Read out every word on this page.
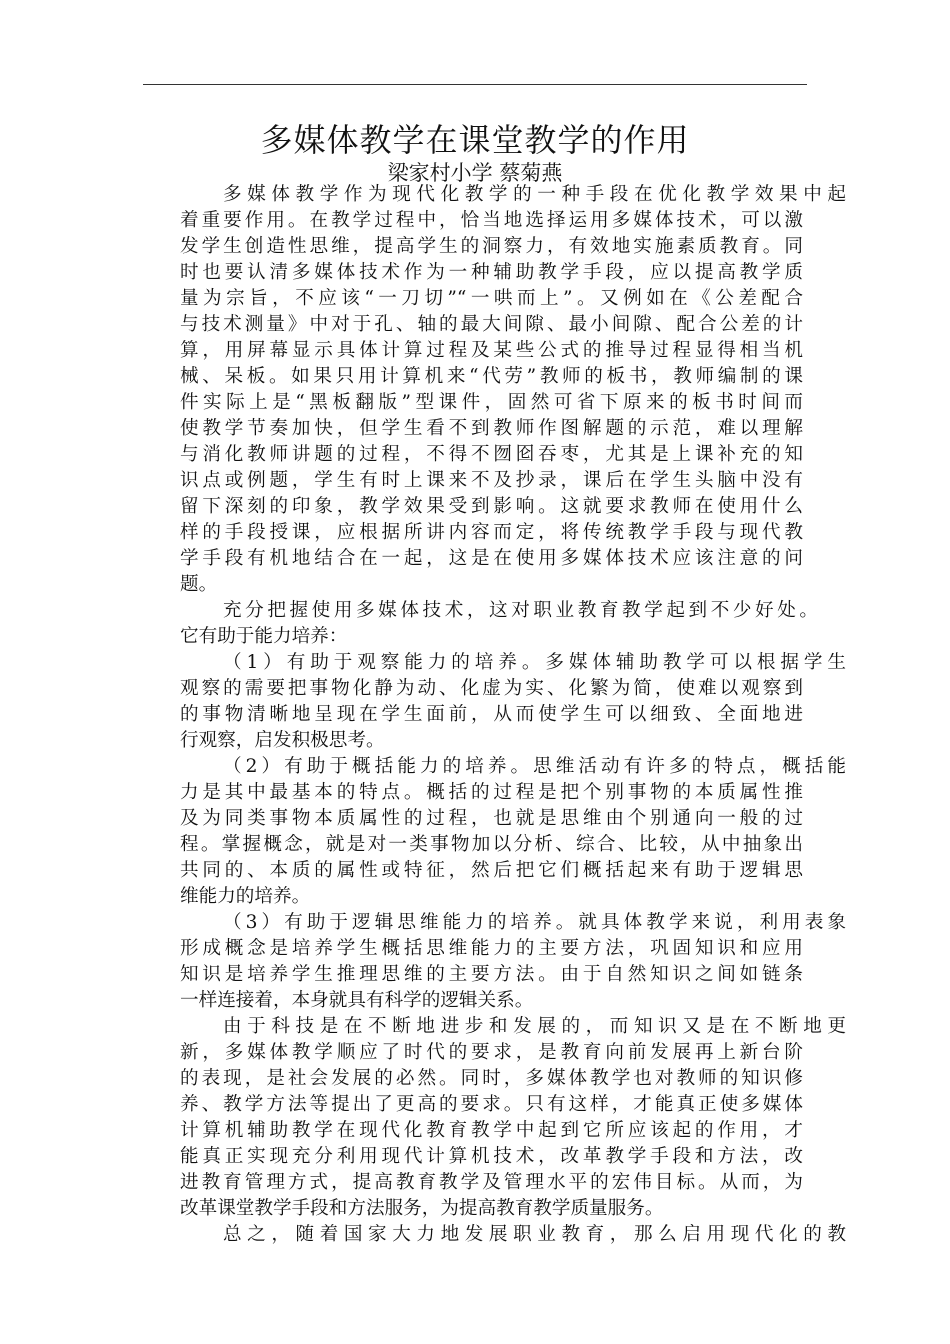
多媒体教学在课堂教学的作用
梁家村小学 蔡菊燕
多媒体教学作为现代化教学的一种手段在优化教学效果中起
着重要作用。在教学过程中，恰当地选择运用多媒体技术，可以激
发学生创造性思维，提高学生的洞察力，有效地实施素质教育。同
时也要认清多媒体技术作为一种辅助教学手段，应以提高教学质
量为宗旨，不应该“一刀切”“一哄而上”。又例如在《公差配合
与技术测量》中对于孔、轴的最大间隙、最小间隙、配合公差的计
算，用屏幕显示具体计算过程及某些公式的推导过程显得相当机
械、呆板。如果只用计算机来“代劳”教师的板书，教师编制的课
件实际上是“黑板翻版”型课件，固然可省下原来的板书时间而
使教学节奏加快，但学生看不到教师作图解题的示范，难以理解
与消化教师讲题的过程，不得不囫囵吞枣，尤其是上课补充的知
识点或例题，学生有时上课来不及抄录，课后在学生头脑中没有
留下深刻的印象，教学效果受到影响。这就要求教师在使用什么
样的手段授课，应根据所讲内容而定，将传统教学手段与现代教
学手段有机地结合在一起，这是在使用多媒体技术应该注意的问
题。
充分把握使用多媒体技术，这对职业教育教学起到不少好处。
它有助于能力培养：
（1）有助于观察能力的培养。多媒体辅助教学可以根据学生
观察的需要把事物化静为动、化虚为实、化繁为简，使难以观察到
的事物清晰地呈现在学生面前，从而使学生可以细致、全面地进
行观察，启发积极思考。
（2）有助于概括能力的培养。思维活动有许多的特点，概括能
力是其中最基本的特点。概括的过程是把个别事物的本质属性推
及为同类事物本质属性的过程，也就是思维由个别通向一般的过
程。掌握概念，就是对一类事物加以分析、综合、比较，从中抽象出
共同的、本质的属性或特征，然后把它们概括起来有助于逻辑思
维能力的培养。
（3）有助于逻辑思维能力的培养。就具体教学来说，利用表象
形成概念是培养学生概括思维能力的主要方法，巩固知识和应用
知识是培养学生推理思维的主要方法。由于自然知识之间如链条
一样连接着，本身就具有科学的逻辑关系。
由于科技是在不断地进步和发展的，而知识又是在不断地更
新，多媒体教学顺应了时代的要求，是教育向前发展再上新台阶
的表现，是社会发展的必然。同时，多媒体教学也对教师的知识修
养、教学方法等提出了更高的要求。只有这样，才能真正使多媒体
计算机辅助教学在现代化教育教学中起到它所应该起的作用，才
能真正实现充分利用现代计算机技术，改革教学手段和方法，改
进教育管理方式，提高教育教学及管理水平的宏伟目标。从而，为
改革课堂教学手段和方法服务，为提高教育教学质量服务。
总之，随着国家大力地发展职业教育，那么启用现代化的教
